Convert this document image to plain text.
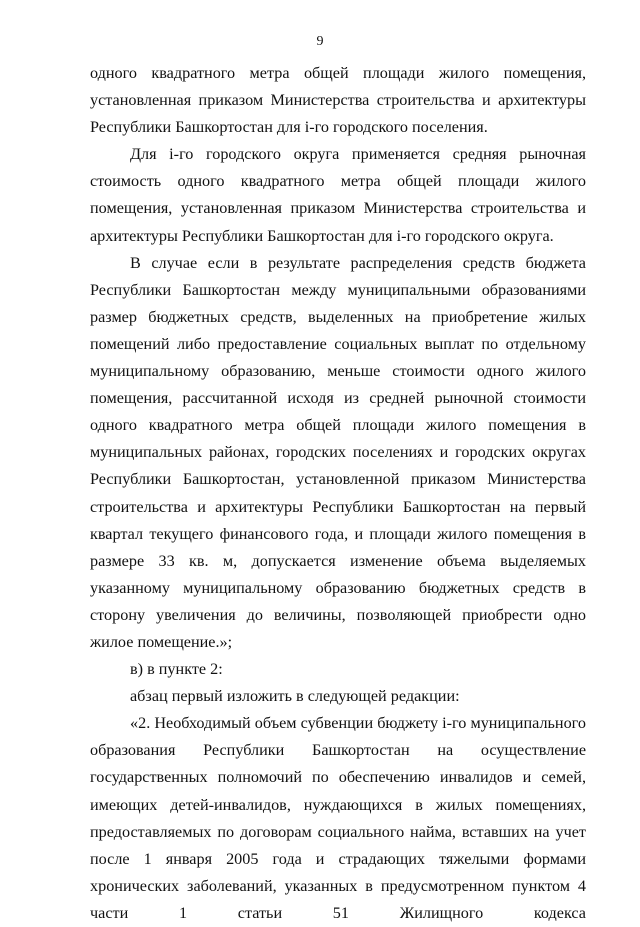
9

одного квадратного метра общей площади жилого помещения, установленная приказом Министерства строительства и архитектуры Республики Башкортостан для i-го городского поселения.

Для i-го городского округа применяется средняя рыночная стоимость одного квадратного метра общей площади жилого помещения, установленная приказом Министерства строительства и архитектуры Республики Башкортостан для i-го городского округа.

В случае если в результате распределения средств бюджета Республики Башкортостан между муниципальными образованиями размер бюджетных средств, выделенных на приобретение жилых помещений либо предоставление социальных выплат по отдельному муниципальному образованию, меньше стоимости одного жилого помещения, рассчитанной исходя из средней рыночной стоимости одного квадратного метра общей площади жилого помещения в муниципальных районах, городских поселениях и городских округах Республики Башкортостан, установленной приказом Министерства строительства и архитектуры Республики Башкортостан на первый квартал текущего финансового года, и площади жилого помещения в размере 33 кв. м, допускается изменение объема выделяемых указанному муниципальному образованию бюджетных средств в сторону увеличения до величины, позволяющей приобрести одно жилое помещение.»;

в) в пункте 2:

абзац первый изложить в следующей редакции:

«2. Необходимый объем субвенции бюджету i-го муниципального образования Республики Башкортостан на осуществление государственных полномочий по обеспечению инвалидов и семей, имеющих детей-инвалидов, нуждающихся в жилых помещениях, предоставляемых по договорам социального найма, вставших на учет после 1 января 2005 года и страдающих тяжелыми формами хронических заболеваний, указанных в предусмотренном пунктом 4 части 1 статьи 51 Жилищного кодекса
